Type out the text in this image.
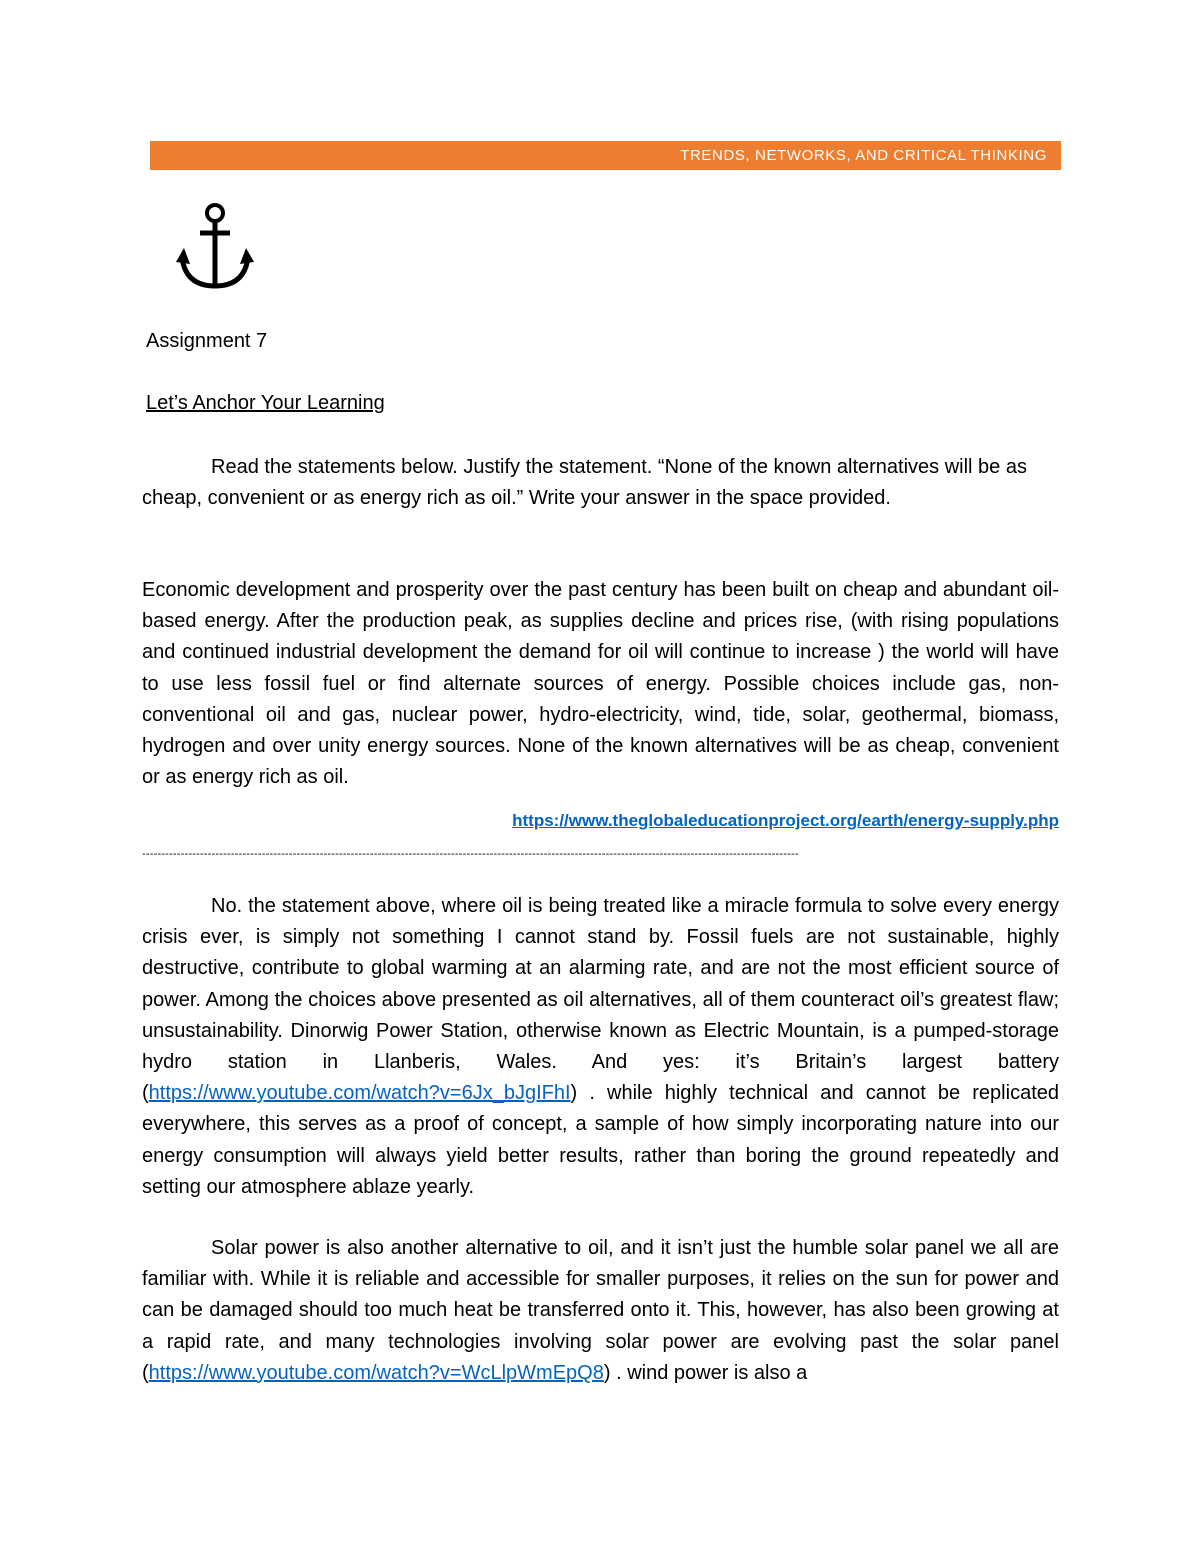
TRENDS, NETWORKS, AND CRITICAL THINKING
Assignment 7
Let’s Anchor Your Learning
Read the statements below. Justify the statement. “None of the known alternatives will be as cheap, convenient or as energy rich as oil.” Write your answer in the space provided.
Economic development and prosperity over the past century has been built on cheap and abundant oil-based energy. After the production peak, as supplies decline and prices rise, (with rising populations and continued industrial development the demand for oil will continue to increase ) the world will have to use less fossil fuel or find alternate sources of energy. Possible choices include gas, non-conventional oil and gas, nuclear power, hydro-electricity, wind, tide, solar, geothermal, biomass, hydrogen and over unity energy sources. None of the known alternatives will be as cheap, convenient or as energy rich as oil.
https://www.theglobaleducationproject.org/earth/energy-supply.php
--------------------------------------------------------------------------------------------------------------------------------------------------------------------------
No. the statement above, where oil is being treated like a miracle formula to solve every energy crisis ever, is simply not something I cannot stand by. Fossil fuels are not sustainable, highly destructive, contribute to global warming at an alarming rate, and are not the most efficient source of power. Among the choices above presented as oil alternatives, all of them counteract oil’s greatest flaw; unsustainability. Dinorwig Power Station, otherwise known as Electric Mountain, is a pumped-storage hydro station in Llanberis, Wales. And yes: it’s Britain’s largest battery (https://www.youtube.com/watch?v=6Jx_bJgIFhI) . while highly technical and cannot be replicated everywhere, this serves as a proof of concept, a sample of how simply incorporating nature into our energy consumption will always yield better results, rather than boring the ground repeatedly and setting our atmosphere ablaze yearly.
Solar power is also another alternative to oil, and it isn’t just the humble solar panel we all are familiar with. While it is reliable and accessible for smaller purposes, it relies on the sun for power and can be damaged should too much heat be transferred onto it. This, however, has also been growing at a rapid rate, and many technologies involving solar power are evolving past the solar panel (https://www.youtube.com/watch?v=WcLlpWmEpQ8) . wind power is also a
